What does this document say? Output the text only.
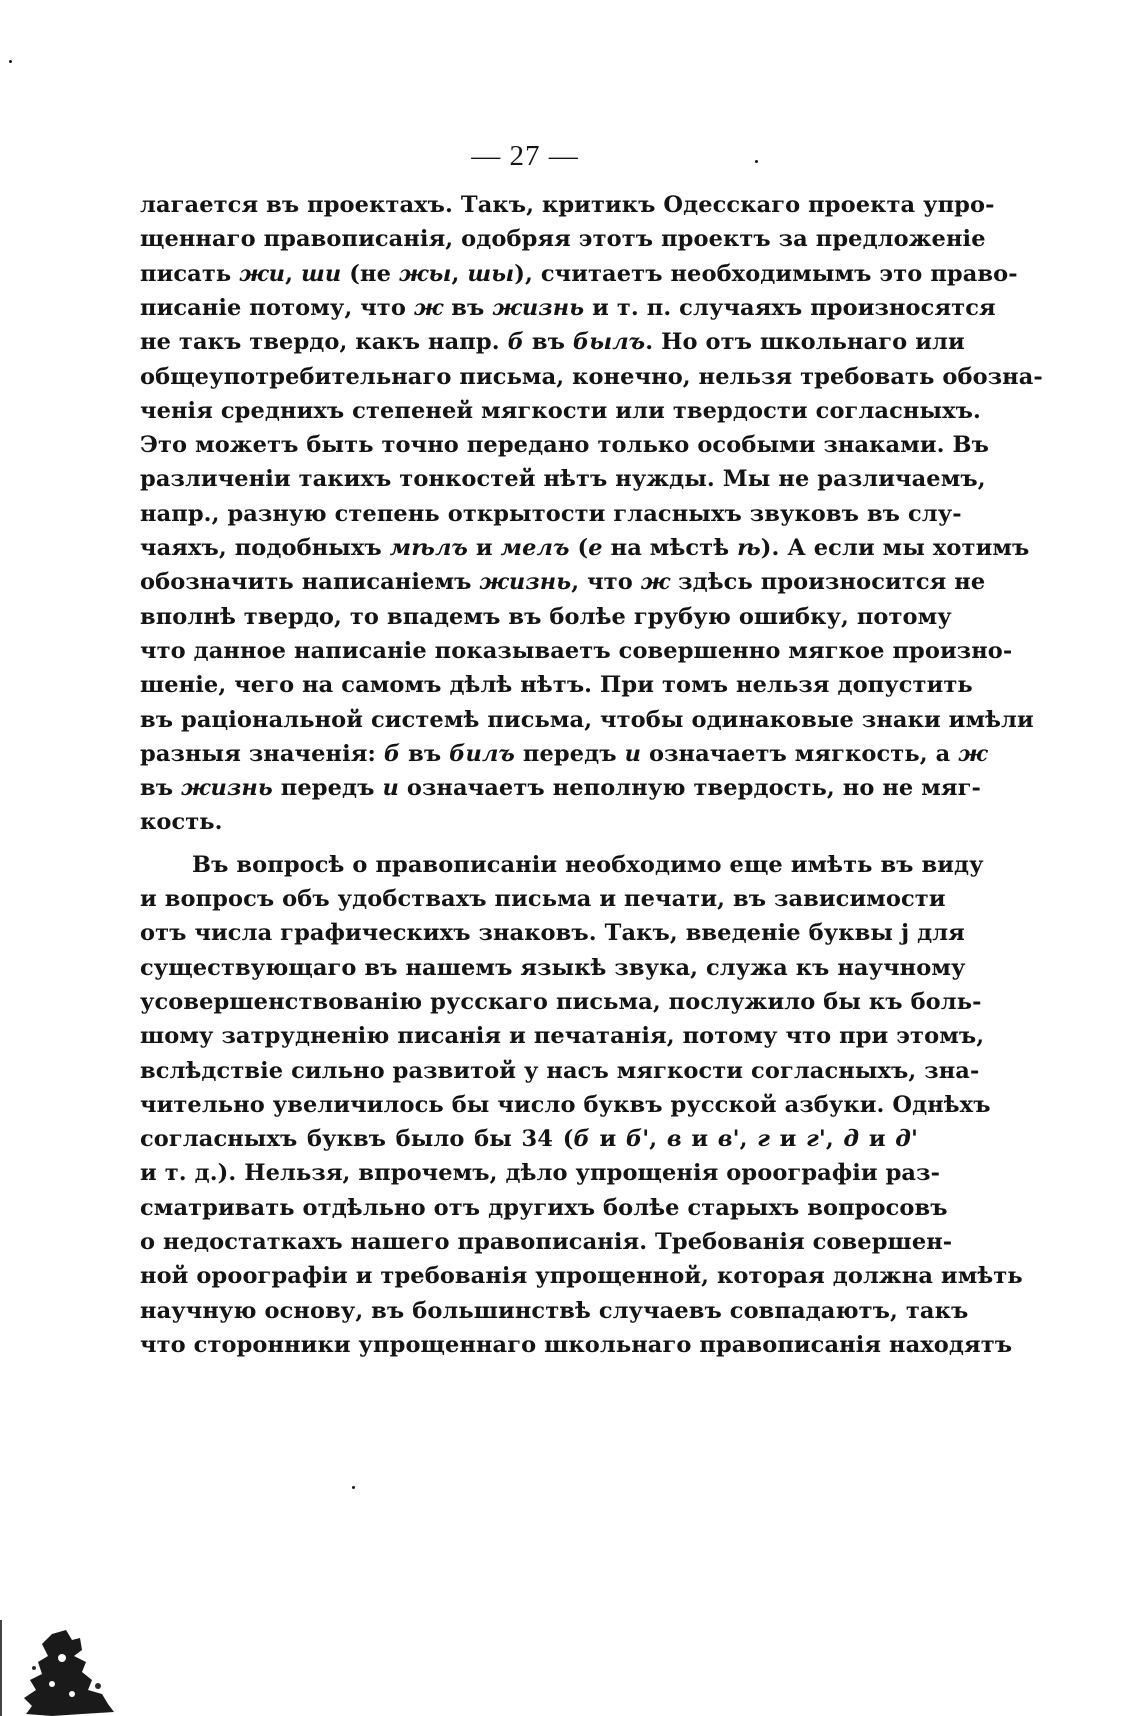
— 27 —
лагается въ проектахъ. Такъ, критикъ Одесскаго проекта упро-
щеннаго правописанія, одобряя этотъ проектъ за предложеніе
писать жи, ши (не жы, шы), считаетъ необходимымъ это право-
писаніе потому, что ж въ жизнь и т. п. случаяхъ произносятся
не такъ твердо, какъ напр. б въ былъ. Но отъ школьнаго или
общеупотребительнаго письма, конечно, нельзя требовать обозна-
ченія среднихъ степеней мягкости или твердости согласныхъ.
Это можетъ быть точно передано только особыми знаками. Въ
различеніи такихъ тонкостей нѣтъ нужды. Мы не различаемъ,
напр., разную степень открытости гласныхъ звуковъ въ слу-
чаяхъ, подобныхъ мѣлъ и мелъ (е на мѣстѣ ѣ). А если мы хотимъ
обозначить написаніемъ жизнь, что ж здѣсь произносится не
вполнѣ твердо, то впадемъ въ болѣе грубую ошибку, потому
что данное написаніе показываетъ совершенно мягкое произно-
шеніе, чего на самомъ дѣлѣ нѣтъ. При томъ нельзя допустить
въ раціональной системѣ письма, чтобы одинаковые знаки имѣли
разныя значенія: б въ билъ передъ и означаетъ мягкость, а ж
въ жизнь передъ и означаетъ неполную твердость, но не мяг-
кость.
Въ вопросѣ о правописаніи необходимо еще имѣть въ виду
и вопросъ объ удобствахъ письма и печати, въ зависимости
отъ числа графическихъ знаковъ. Такъ, введеніе буквы j для
существующаго въ нашемъ языкѣ звука, служа къ научному
усовершенствованію русскаго письма, послужило бы къ боль-
шому затрудненію писанія и печатанія, потому что при этомъ,
вслѣдствіе сильно развитой у насъ мягкости согласныхъ, зна-
чительно увеличилось бы число буквъ русской азбуки. Однѣхъ
согласныхъ буквъ было бы 34 (б и б', в и в', г и г', д и д'
и т. д.). Нельзя, впрочемъ, дѣло упрощенія ороографіи раз-
сматривать отдѣльно отъ другихъ болѣе старыхъ вопросовъ
о недостаткахъ нашего правописанія. Требованія совершен-
ной ороографіи и требованія упрощенной, которая должна имѣть
научную основу, въ большинствѣ случаевъ совпадаютъ, такъ
что сторонники упрощеннаго школьнаго правописанія находятъ
